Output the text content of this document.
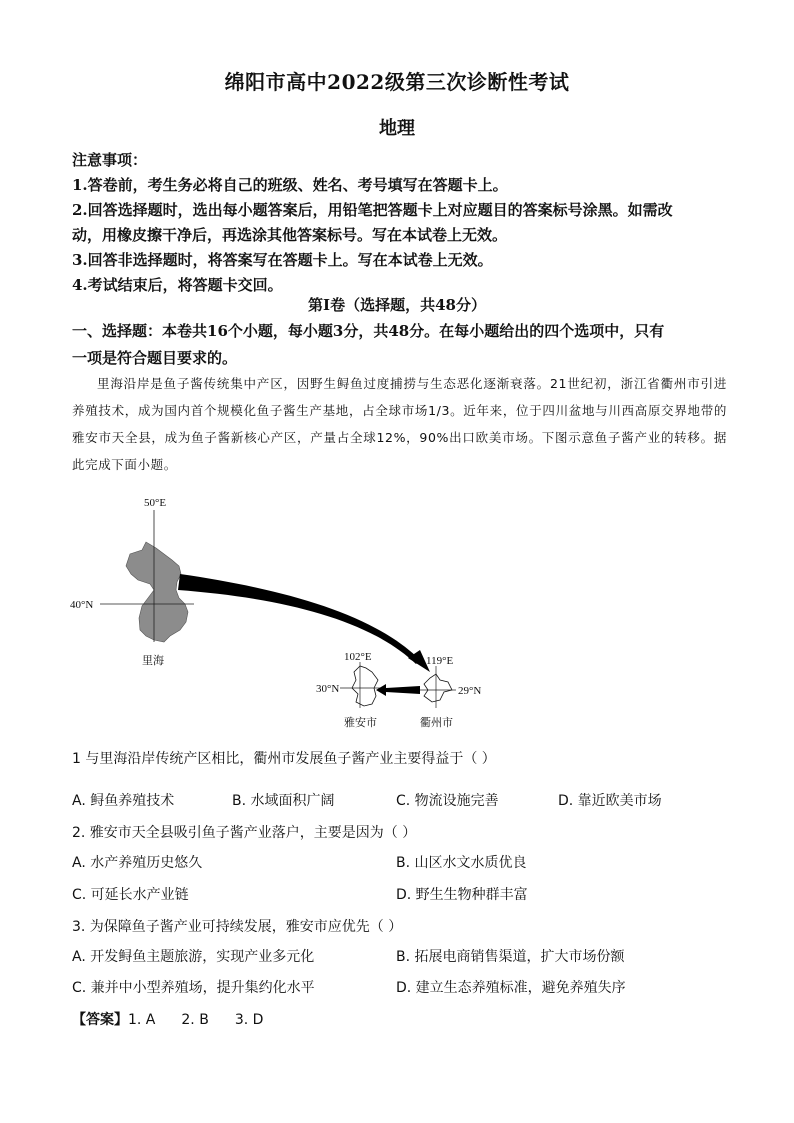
绵阳市高中2022级第三次诊断性考试
地理
注意事项：
1.答卷前，考生务必将自己的班级、姓名、考号填写在答题卡上。
2.回答选择题时，选出每小题答案后，用铅笔把答题卡上对应题目的答案标号涂黑。如需改
动，用橡皮擦干净后，再选涂其他答案标号。写在本试卷上无效。
3.回答非选择题时，将答案写在答题卡上。写在本试卷上无效。
4.考试结束后，将答题卡交回。
第Ⅰ卷（选择题，共48分）
一、选择题：本卷共16个小题，每小题3分，共48分。在每小题给出的四个选项中，只有
一项是符合题目要求的。
里海沿岸是鱼子酱传统集中产区，因野生鲟鱼过度捕捞与生态恶化逐渐衰落。21世纪初，浙江省衢州市引进养殖技术，成为国内首个规模化鱼子酱生产基地，占全球市场1/3。近年来，位于四川盆地与川西高原交界地带的雅安市天全县，成为鱼子酱新核心产区，产量占全球12%，90%出口欧美市场。下图示意鱼子酱产业的转移。据此完成下面小题。
50°E
40°N
里海	102°E
30°N
雅安市
119°E
29°N
衢州市
1 与里海沿岸传统产区相比，衢州市发展鱼子酱产业主要得益于（ ）
A. 鲟鱼养殖技术	B. 水域面积广阔	C. 物流设施完善	D. 靠近欧美市场
2. 雅安市天全县吸引鱼子酱产业落户，主要是因为（ ）
A. 水产养殖历史悠久	B. 山区水文水质优良
C. 可延长水产业链	D. 野生生物种群丰富
3. 为保障鱼子酱产业可持续发展，雅安市应优先（ ）
A. 开发鲟鱼主题旅游，实现产业多元化	B. 拓展电商销售渠道，扩大市场份额
C. 兼并中小型养殖场，提升集约化水平	D. 建立生态养殖标准，避免养殖失序
【答案】1. A 2. B 3. D
